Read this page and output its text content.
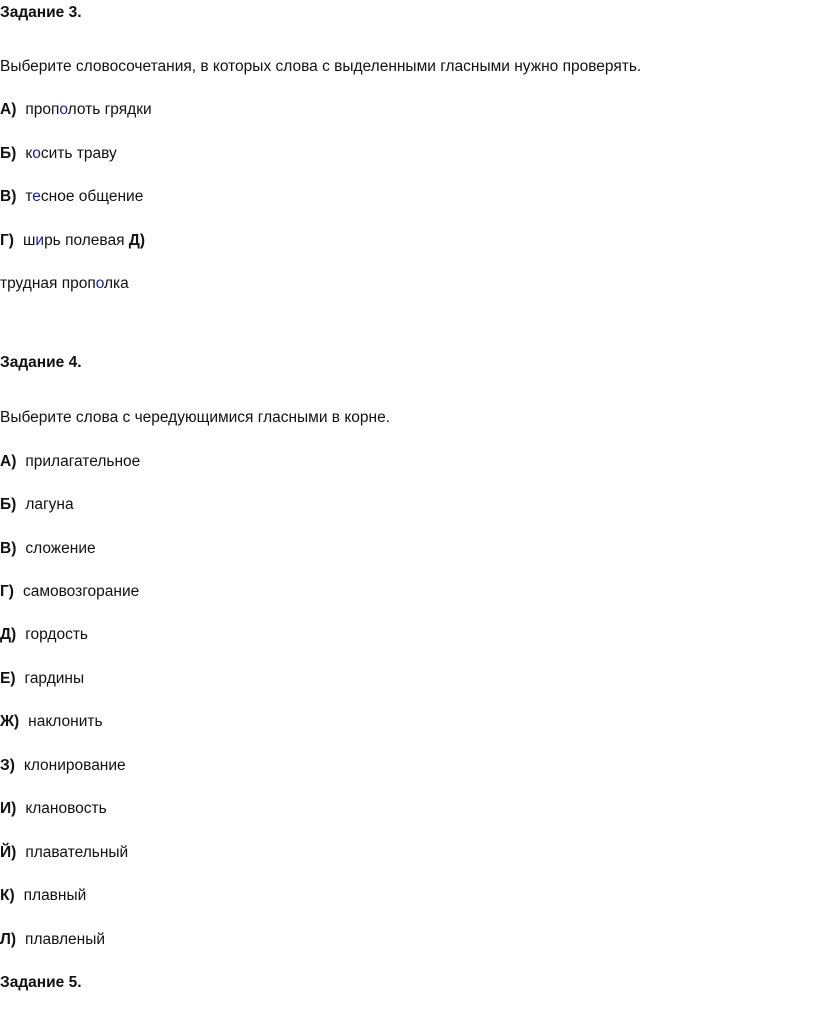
Задание 3.
Выберите словосочетания, в которых слова с выделенными гласными нужно проверять.
А) прополоть грядки
Б) косить траву
В) тесное общение
Г) ширь полевая Д)
трудная прополка
Задание 4.
Выберите слова с чередующимися гласными в корне.
А) прилагательное
Б) лагуна
В) сложение
Г) самовозгорание
Д) гордость
Е) гардины
Ж) наклонить
З) клонирование
И) клановость
Й) плавательный
К) плавный
Л) плавленый
Задание 5.
